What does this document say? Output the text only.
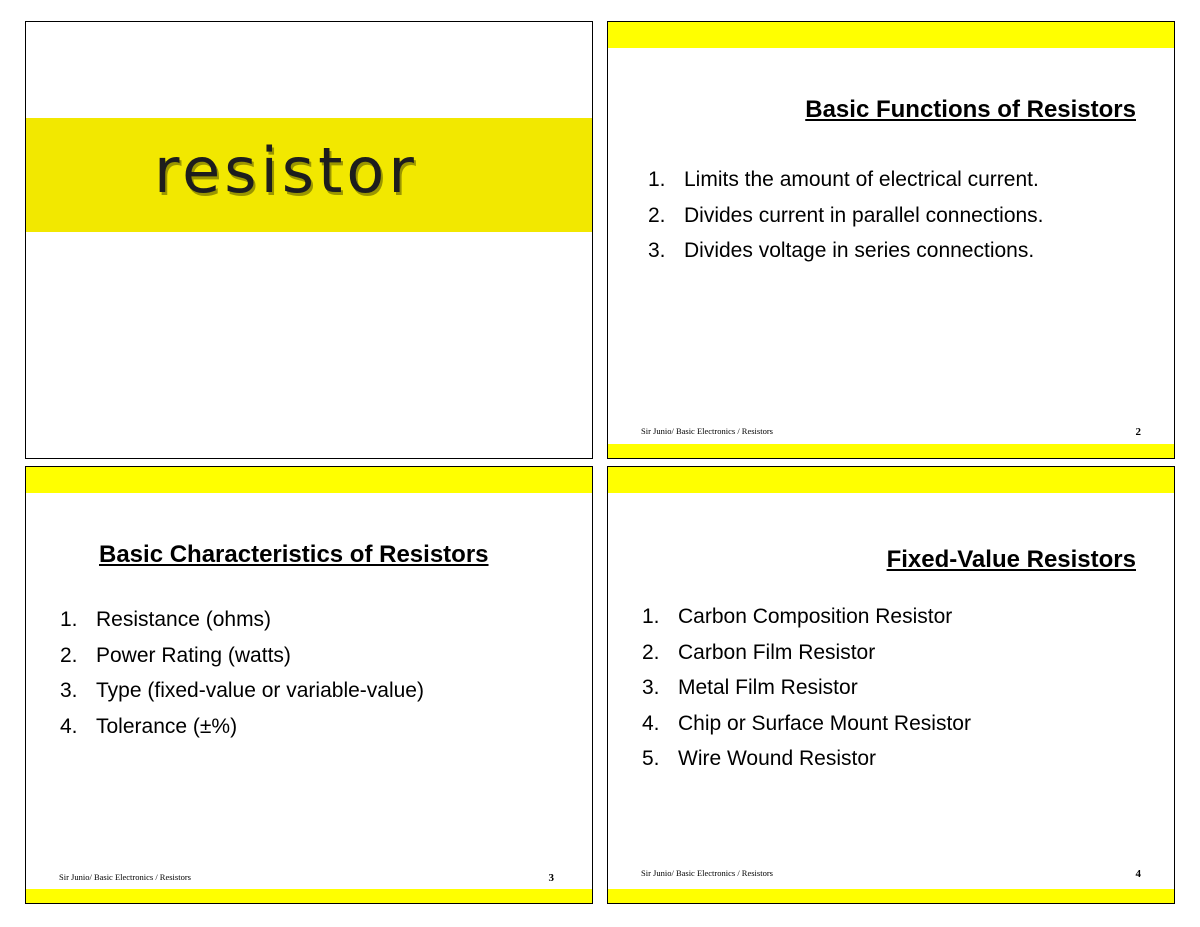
resistor
Basic Functions of Resistors
1. Limits the amount of electrical current.
2. Divides current in parallel connections.
3. Divides voltage in series connections.
Sir Junio/ Basic Electronics / Resistors	2
Basic Characteristics of Resistors
1. Resistance (ohms)
2. Power Rating (watts)
3. Type (fixed-value or variable-value)
4. Tolerance (±%)
Sir Junio/ Basic Electronics / Resistors	3
Fixed-Value Resistors
1. Carbon Composition Resistor
2. Carbon Film Resistor
3. Metal Film Resistor
4. Chip or Surface Mount Resistor
5. Wire Wound Resistor
Sir Junio/ Basic Electronics / Resistors	4
